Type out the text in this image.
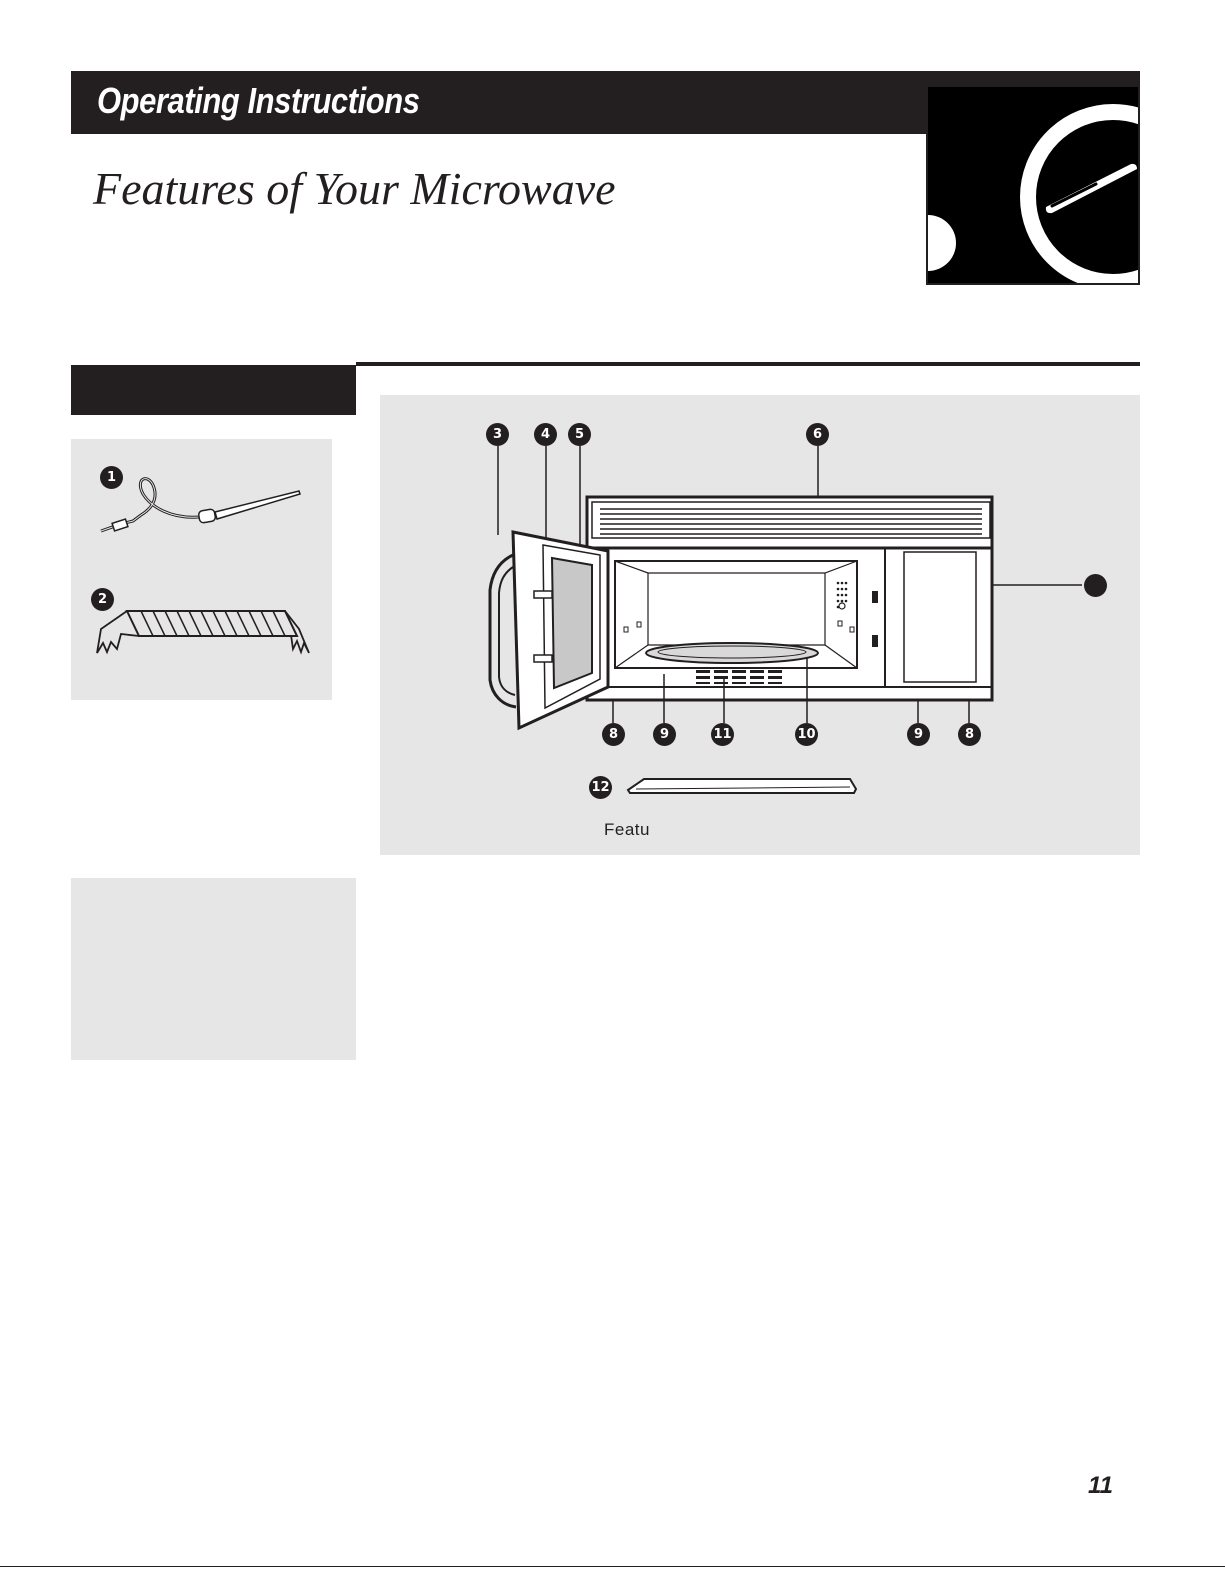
Operating Instructions
Features of Your Microwave
1
2
3	4	5	6
8	9	11	10	9	8
12
Featu
11
